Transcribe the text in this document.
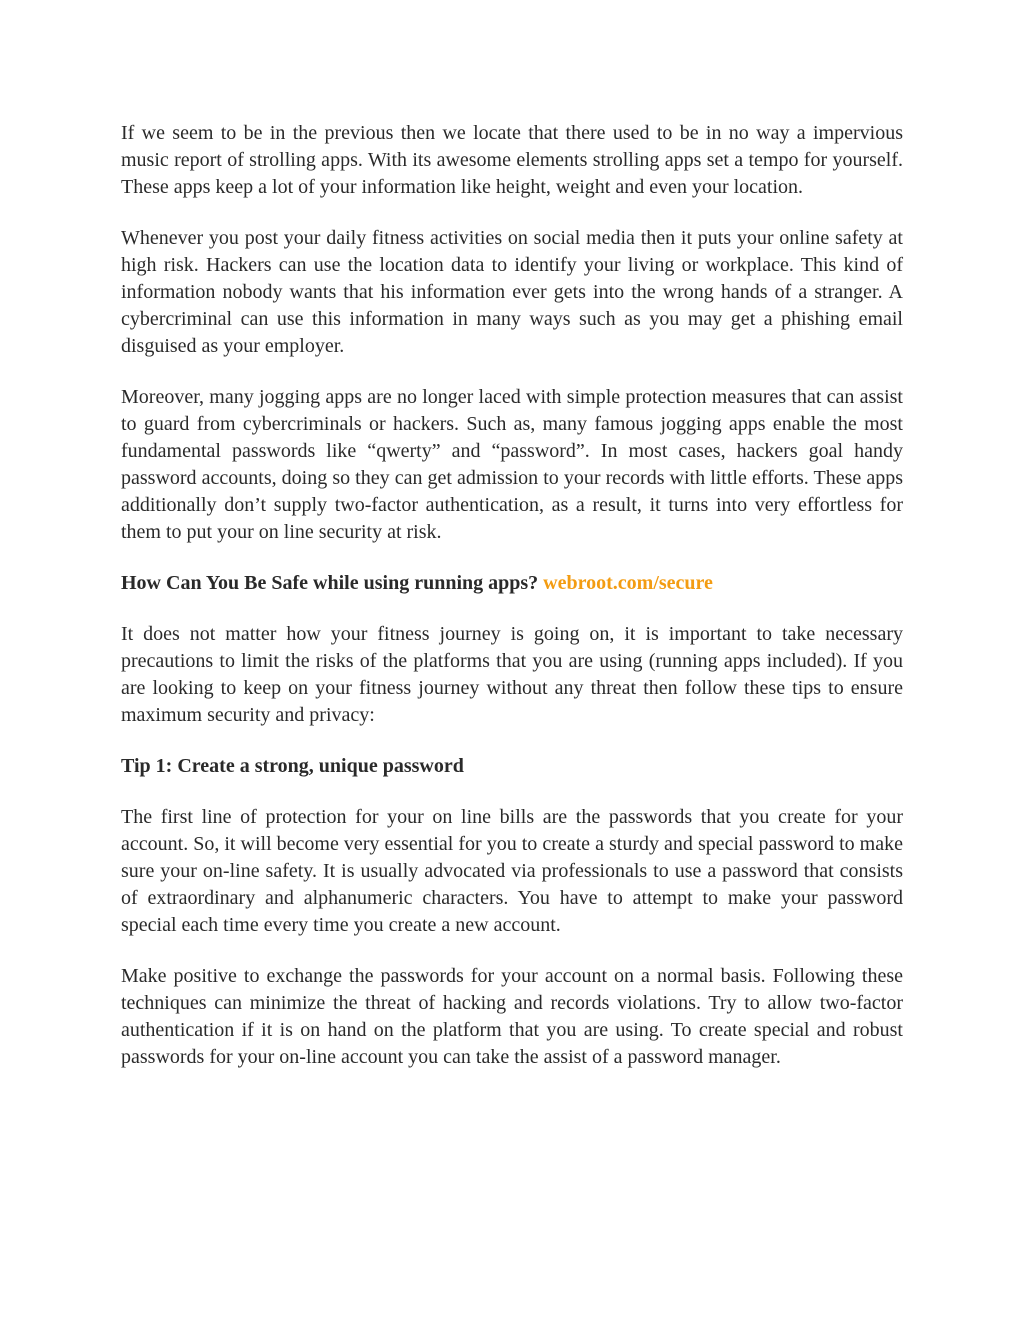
If we seem to be in the previous then we locate that there used to be in no way a impervious music report of strolling apps. With its awesome elements strolling apps set a tempo for yourself. These apps keep a lot of your information like height, weight and even your location.

Whenever you post your daily fitness activities on social media then it puts your online safety at high risk. Hackers can use the location data to identify your living or workplace. This kind of information nobody wants that his information ever gets into the wrong hands of a stranger. A cybercriminal can use this information in many ways such as you may get a phishing email disguised as your employer.

Moreover, many jogging apps are no longer laced with simple protection measures that can assist to guard from cybercriminals or hackers. Such as, many famous jogging apps enable the most fundamental passwords like “qwerty” and “password”. In most cases, hackers goal handy password accounts, doing so they can get admission to your records with little efforts. These apps additionally don’t supply two-factor authentication, as a result, it turns into very effortless for them to put your on line security at risk.

How Can You Be Safe while using running apps? webroot.com/secure

It does not matter how your fitness journey is going on, it is important to take necessary precautions to limit the risks of the platforms that you are using (running apps included). If you are looking to keep on your fitness journey without any threat then follow these tips to ensure maximum security and privacy:

Tip 1: Create a strong, unique password

The first line of protection for your on line bills are the passwords that you create for your account. So, it will become very essential for you to create a sturdy and special password to make sure your on-line safety. It is usually advocated via professionals to use a password that consists of extraordinary and alphanumeric characters. You have to attempt to make your password special each time every time you create a new account.

Make positive to exchange the passwords for your account on a normal basis. Following these techniques can minimize the threat of hacking and records violations. Try to allow two-factor authentication if it is on hand on the platform that you are using. To create special and robust passwords for your on-line account you can take the assist of a password manager.
